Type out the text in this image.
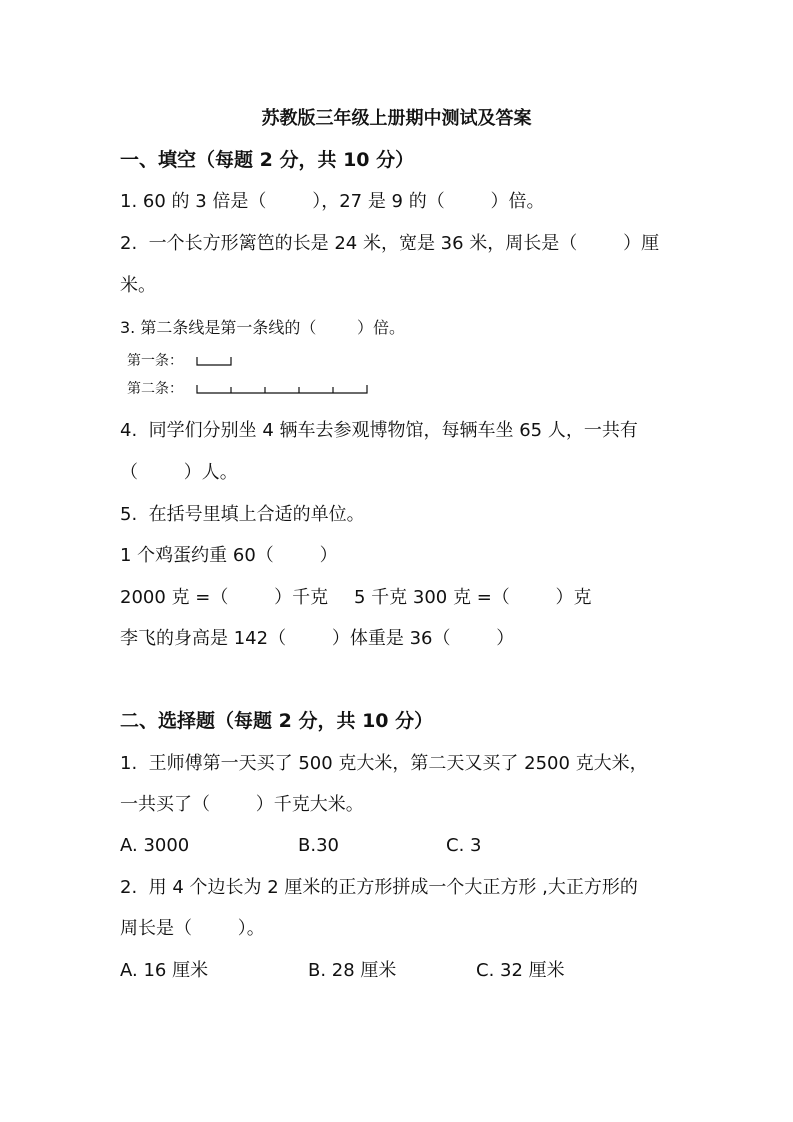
苏教版三年级上册期中测试及答案
一、填空（每题 2 分，共 10 分）
1. 60 的 3 倍是（        ），27 是 9 的（        ）倍。
2.  一个长方形篱笆的长是 24 米，宽是 36 米，周长是（        ）厘
米。
3. 第二条线是第一条线的（        ）倍。
第一条：
第二条：
4.  同学们分别坐 4 辆车去参观博物馆，每辆车坐 65 人，一共有
（        ）人。
5.  在括号里填上合适的单位。
1 个鸡蛋约重 60（        ）
2000 克 =（        ）千克 5 千克 300 克 =（        ）克
李飞的身高是 142（        ）体重是 36（        ）
二、选择题（每题 2 分，共 10 分）
1.  王师傅第一天买了 500 克大米，第二天又买了 2500 克大米，
一共买了（        ）千克大米。
A. 3000	B.30	C. 3
2.  用 4 个边长为 2 厘米的正方形拼成一个大正方形 ,大正方形的
周长是（        ）。
A. 16 厘米	B. 28 厘米	C. 32 厘米
